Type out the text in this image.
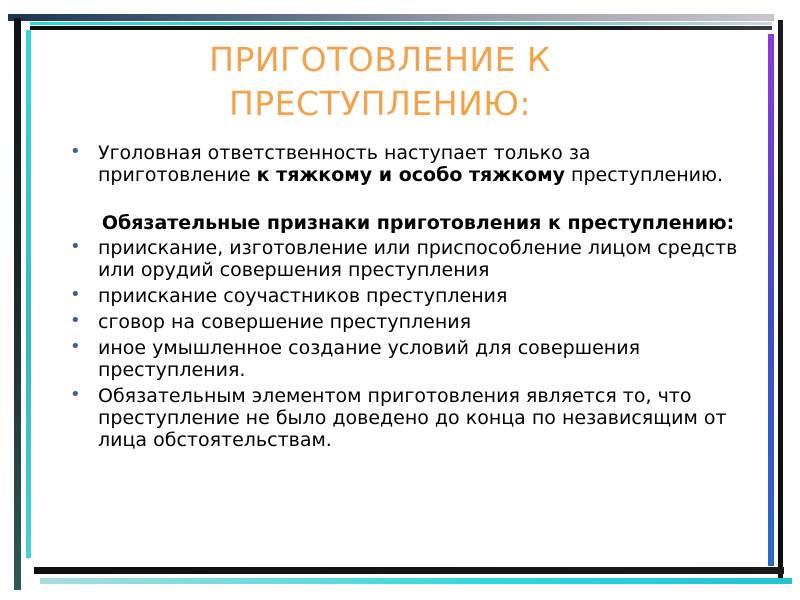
ПРИГОТОВЛЕНИЕ К
ПРЕСТУПЛЕНИЮ:
• Уголовная ответственность наступает только за приготовление к тяжкому и особо тяжкому преступлению.
Обязательные признаки приготовления к преступлению:
• приискание, изготовление или приспособление лицом средств или орудий совершения преступления
• приискание соучастников преступления
• сговор на совершение преступления
• иное умышленное создание условий для совершения преступления.
• Обязательным элементом приготовления является то, что преступление не было доведено до конца по независящим от лица обстоятельствам.
